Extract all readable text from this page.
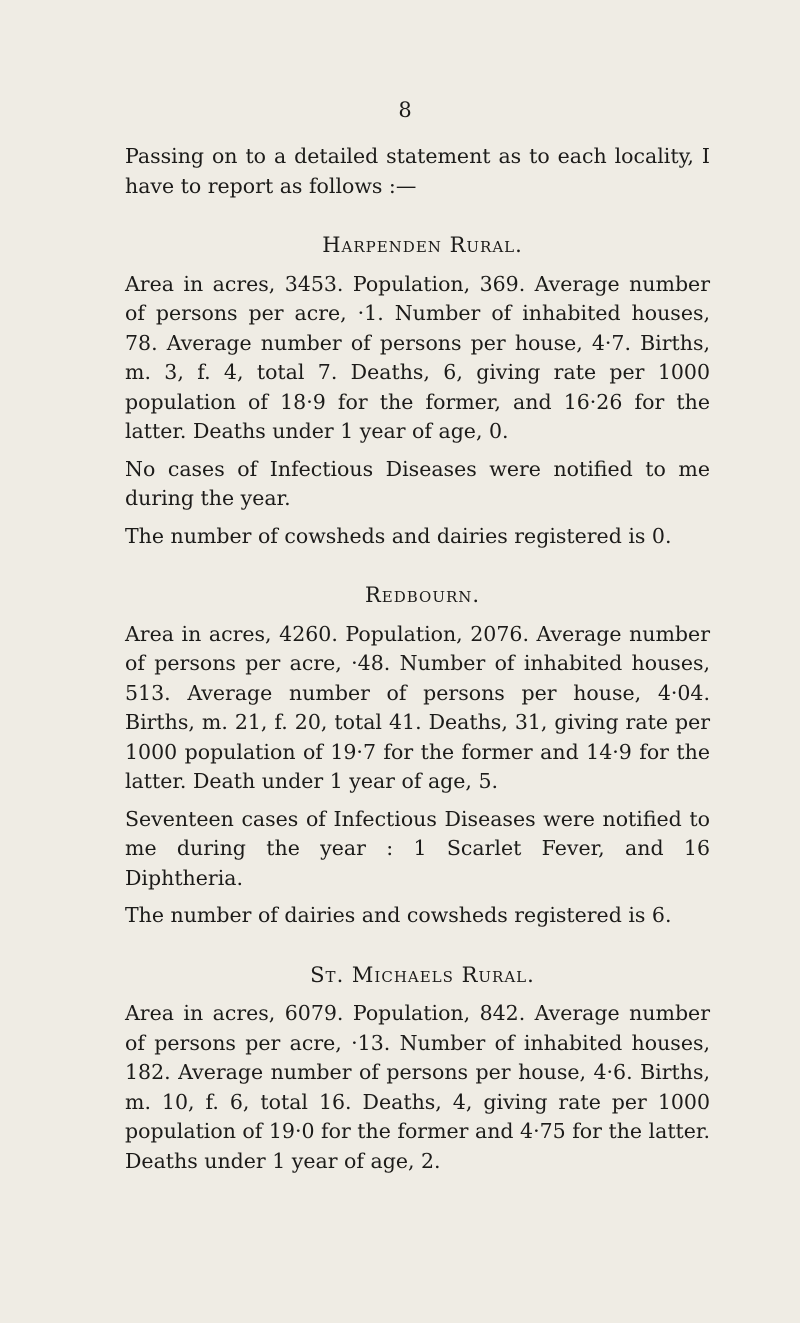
8

Passing on to a detailed statement as to each locality, I have to report as follows :—

Harpenden Rural.

Area in acres, 3453. Population, 369. Average number of persons per acre, ·1. Number of inhabited houses, 78. Average number of persons per house, 4·7. Births, m. 3, f. 4, total 7. Deaths, 6, giving rate per 1000 population of 18·9 for the former, and 16·26 for the latter. Deaths under 1 year of age, 0.

No cases of Infectious Diseases were notified to me during the year.

The number of cowsheds and dairies registered is 0.

Redbourn.

Area in acres, 4260. Population, 2076. Average number of persons per acre, ·48. Number of inhabited houses, 513. Average number of persons per house, 4·04. Births, m. 21, f. 20, total 41. Deaths, 31, giving rate per 1000 population of 19·7 for the former and 14·9 for the latter. Death under 1 year of age, 5.

Seventeen cases of Infectious Diseases were notified to me during the year : 1 Scarlet Fever, and 16 Diphtheria.

The number of dairies and cowsheds registered is 6.

St. Michaels Rural.

Area in acres, 6079. Population, 842. Average number of persons per acre, ·13. Number of inhabited houses, 182. Average number of persons per house, 4·6. Births, m. 10, f. 6, total 16. Deaths, 4, giving rate per 1000 population of 19·0 for the former and 4·75 for the latter. Deaths under 1 year of age, 2.
